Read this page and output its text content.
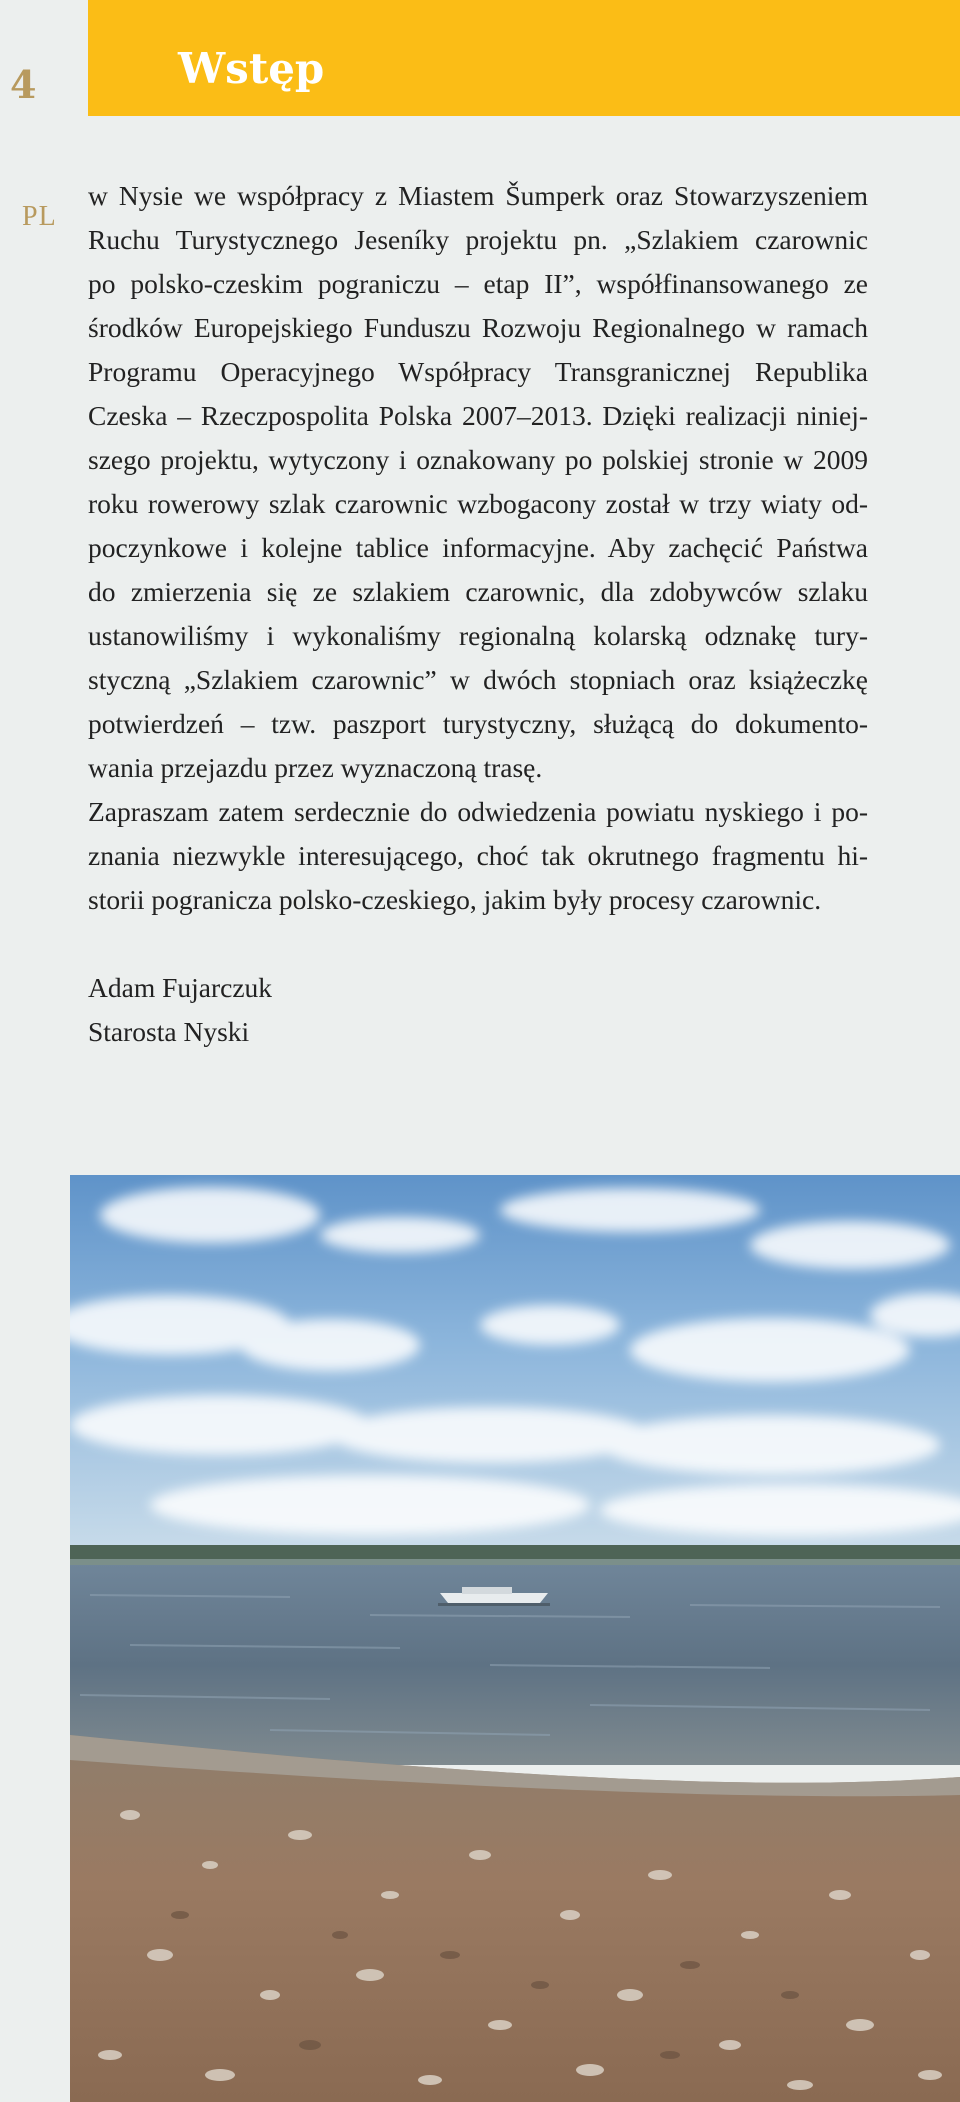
4	Wstęp
PL
w Nysie we współpracy z Miastem Šumperk oraz Stowarzyszeniem
Ruchu Turystycznego Jeseníky projektu pn. „Szlakiem czarownic
po polsko-czeskim pograniczu – etap II”, współfinansowanego ze
środków Europejskiego Funduszu Rozwoju Regionalnego w ramach
Programu Operacyjnego Współpracy Transgranicznej Republika
Czeska – Rzeczpospolita Polska 2007–2013. Dzięki realizacji niniej-
szego projektu, wytyczony i oznakowany po polskiej stronie w 2009
roku rowerowy szlak czarownic wzbogacony został w trzy wiaty od-
poczynkowe i kolejne tablice informacyjne. Aby zachęcić Państwa
do zmierzenia się ze szlakiem czarownic, dla zdobywców szlaku
ustanowiliśmy i wykonaliśmy regionalną kolarską odznakę tury-
styczną „Szlakiem czarownic” w dwóch stopniach oraz książeczkę
potwierdzeń – tzw. paszport turystyczny, służącą do dokumento-
wania przejazdu przez wyznaczoną trasę.
Zapraszam zatem serdecznie do odwiedzenia powiatu nyskiego i po-
znania niezwykle interesującego, choć tak okrutnego fragmentu hi-
storii pogranicza polsko-czeskiego, jakim były procesy czarownic.
Adam Fujarczuk
Starosta Nyski
